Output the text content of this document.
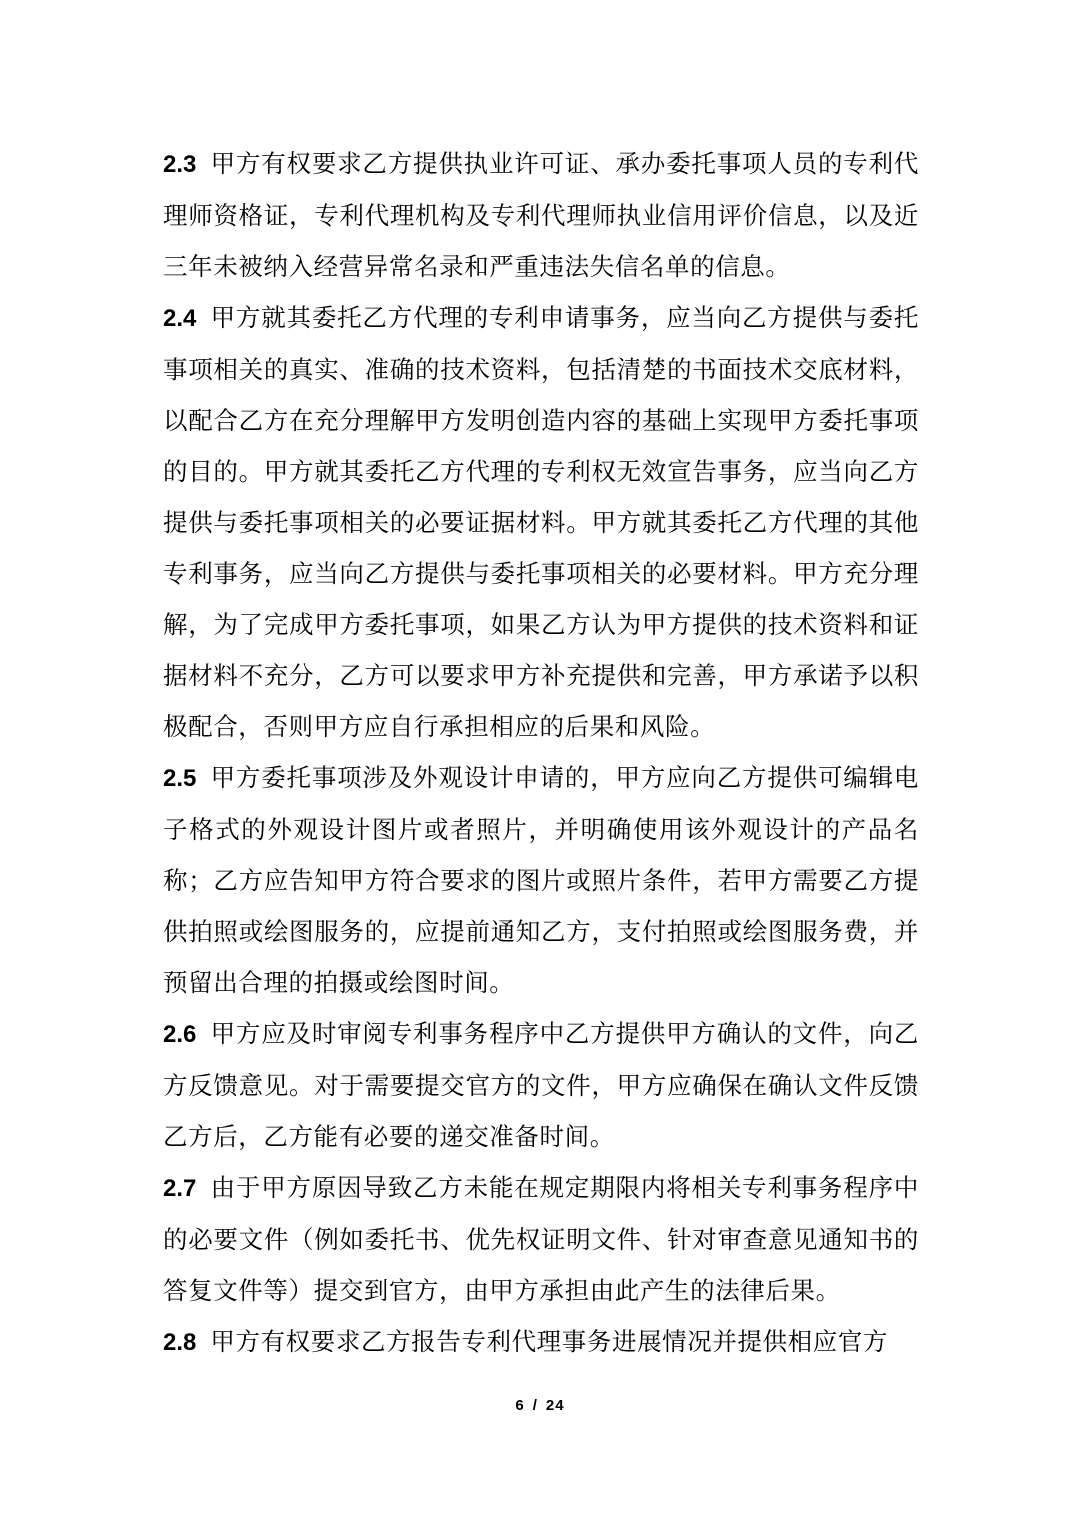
2.3 甲方有权要求乙方提供执业许可证、承办委托事项人员的专利代理师资格证，专利代理机构及专利代理师执业信用评价信息，以及近三年未被纳入经营异常名录和严重违法失信名单的信息。

2.4 甲方就其委托乙方代理的专利申请事务，应当向乙方提供与委托事项相关的真实、准确的技术资料，包括清楚的书面技术交底材料，以配合乙方在充分理解甲方发明创造内容的基础上实现甲方委托事项的目的。甲方就其委托乙方代理的专利权无效宣告事务，应当向乙方提供与委托事项相关的必要证据材料。甲方就其委托乙方代理的其他专利事务，应当向乙方提供与委托事项相关的必要材料。甲方充分理解，为了完成甲方委托事项，如果乙方认为甲方提供的技术资料和证据材料不充分，乙方可以要求甲方补充提供和完善，甲方承诺予以积极配合，否则甲方应自行承担相应的后果和风险。

2.5 甲方委托事项涉及外观设计申请的，甲方应向乙方提供可编辑电子格式的外观设计图片或者照片，并明确使用该外观设计的产品名称；乙方应告知甲方符合要求的图片或照片条件，若甲方需要乙方提供拍照或绘图服务的，应提前通知乙方，支付拍照或绘图服务费，并预留出合理的拍摄或绘图时间。

2.6 甲方应及时审阅专利事务程序中乙方提供甲方确认的文件，向乙方反馈意见。对于需要提交官方的文件，甲方应确保在确认文件反馈乙方后，乙方能有必要的递交准备时间。

2.7 由于甲方原因导致乙方未能在规定期限内将相关专利事务程序中的必要文件（例如委托书、优先权证明文件、针对审查意见通知书的答复文件等）提交到官方，由甲方承担由此产生的法律后果。

2.8 甲方有权要求乙方报告专利代理事务进展情况并提供相应官方

6 / 24
